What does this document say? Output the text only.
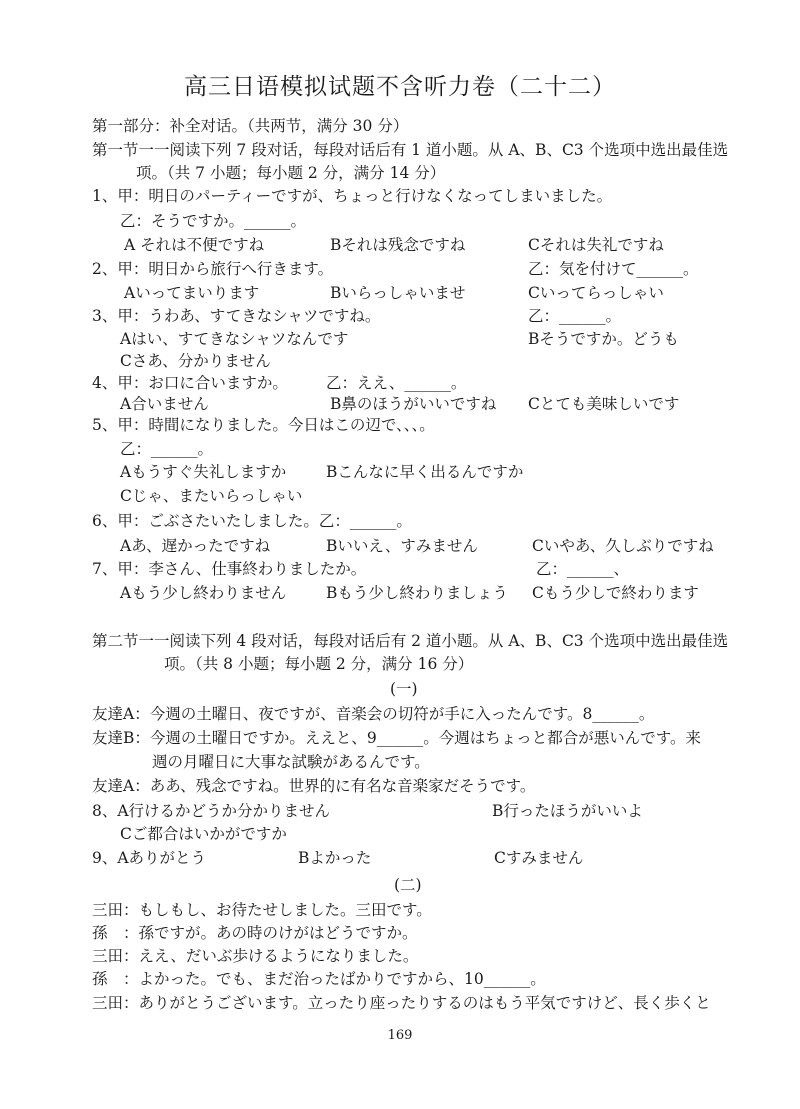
高三日语模拟试题不含听力卷（二十二）
第一部分：补全对话。（共两节，满分 30 分）
第一节一一阅读下列 7 段对话，每段对话后有 1 道小题。从 A、B、C3 个选项中选出最佳选
项。（共 7 小题；每小题 2 分，满分 14 分）
1、甲：明日のパーティーですが、ちょっと行けなくなってしまいました。
乙：そうですか。______。
A それは不便ですね	Bそれは残念ですね	Cそれは失礼ですね
2、甲：明日から旅行へ行きます。	乙：気を付けて______。
Aいってまいります	Bいらっしゃいませ	Cいってらっしゃい
3、甲：うわあ、すてきなシャツですね。	乙：______。
Aはい、すてきなシャツなんです	Bそうですか。どうも
Cさあ、分かりません
4、甲：お口に合いますか。 乙：ええ、______。
A合いません	B鼻のほうがいいですね Cとても美味しいです
5、甲：時間になりました。今日はこの辺で、、、。
乙：______。
Aもうすぐ失礼しますか	Bこんなに早く出るんですか
Cじゃ、またいらっしゃい
6、甲：ごぶさたいたしました。乙：______。
Aあ、遅かったですね	Bいいえ、すみません	Cいやあ、久しぶりですね
7、甲：李さん、仕事終わりましたか。	乙：______、
Aもう少し終わりません	Bもう少し終わりましょう Cもう少しで終わります
第二节一一阅读下列 4 段对话，每段对话后有 2 道小题。从 A、B、C3 个选项中选出最佳选
项。（共 8 小题；每小题 2 分，满分 16 分）
(一)
友達A：今週の土曜日、夜ですが、音楽会の切符が手に入ったんです。8______。
友達B：今週の土曜日ですか。ええと、9______。今週はちょっと都合が悪いんです。来
週の月曜日に大事な試験があるんです。
友達A：ああ、残念ですね。世界的に有名な音楽家だそうです。
8、A行けるかどうか分かりません	B行ったほうがいいよ
Cご都合はいかがですか
9、Aありがとう	Bよかった	Cすみません
(二)
三田：もしもし、お待たせしました。三田です。
孫　：孫ですが。あの時のけがはどうですか。
三田：ええ、だいぶ歩けるようになりました。
孫　：よかった。でも、まだ治ったばかりですから、10______。
三田：ありがとうございます。立ったり座ったりするのはもう平気ですけど、長く歩くと
169
